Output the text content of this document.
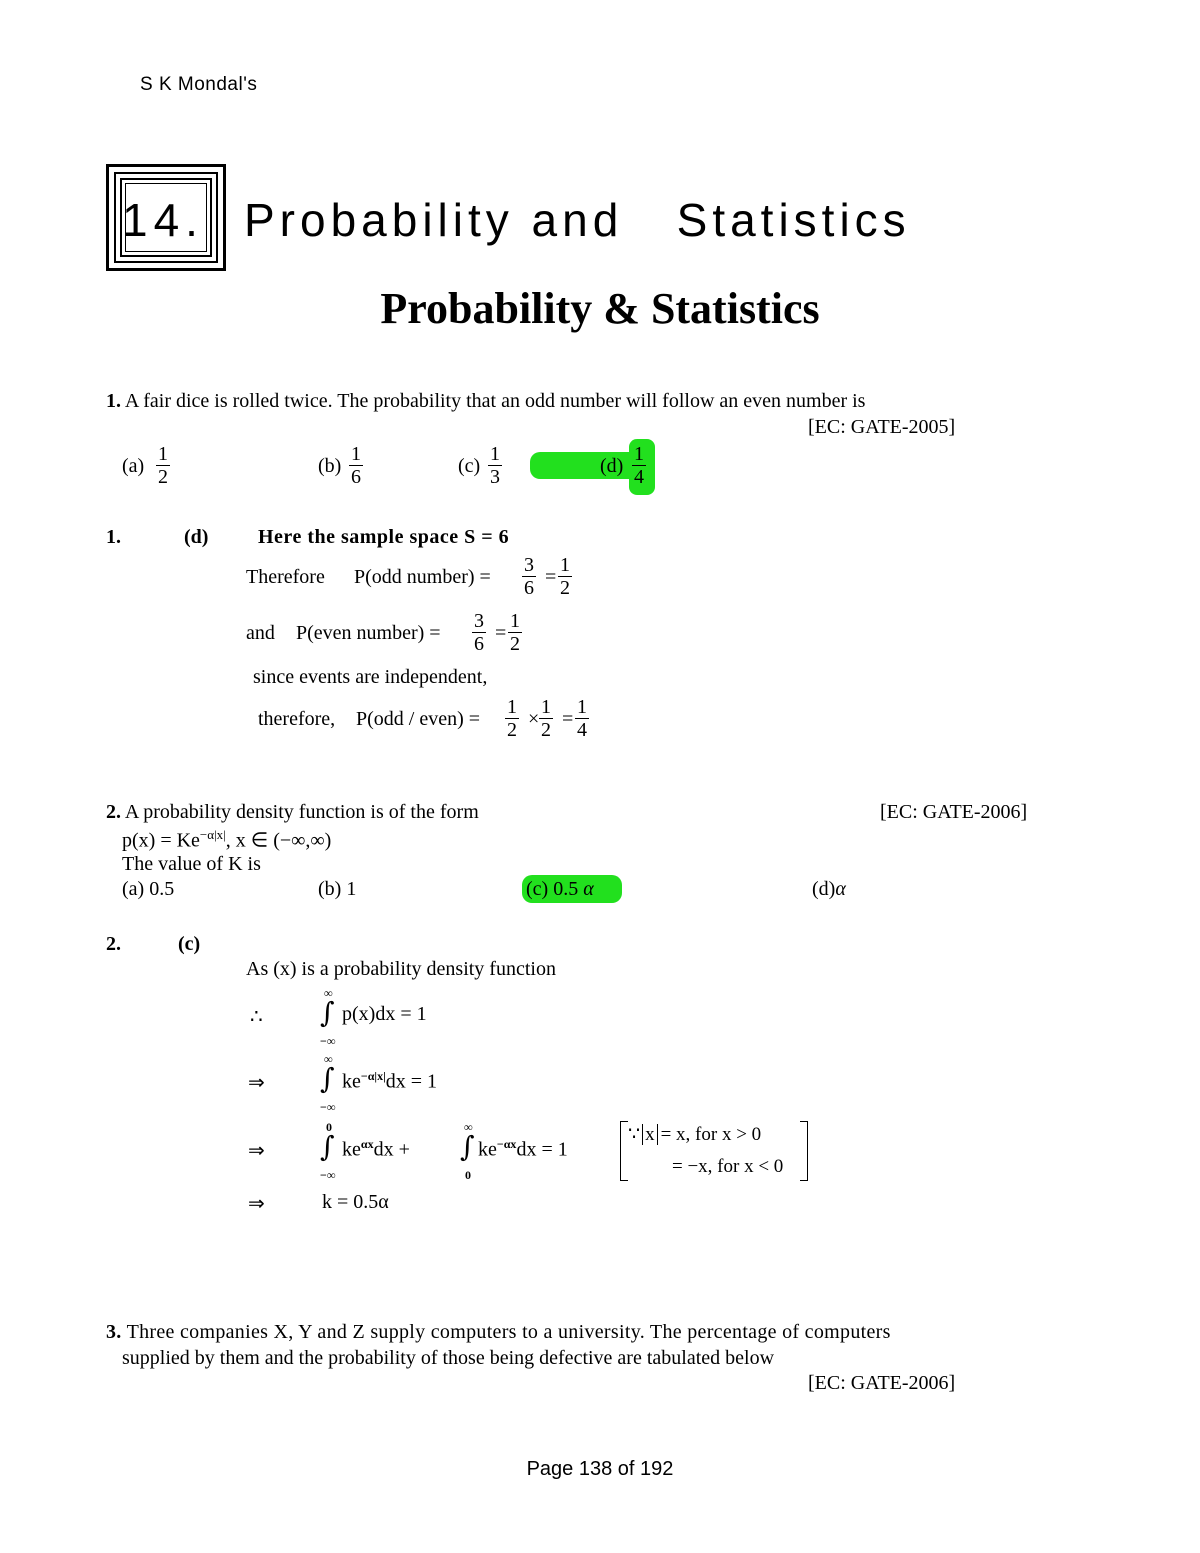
S K Mondal's
14. Probability and   Statistics
Probability & Statistics
1. A fair dice is rolled twice. The probability that an odd number will follow an even number is
[EC: GATE-2005]
$(a) \frac{1}{2}$	$(b) \frac{1}{6}$	$(c) \frac{1}{3}$	$(d) \frac{1}{4}$
1.	(d) Here the sample space S = 6
Therefore P(odd number) = $\frac{3}{6} = \frac{1}{2}$
and P(even number) = $\frac{3}{6} = \frac{1}{2}$
since events are independent,
therefore, P(odd / even) = $\frac{1}{2} \times \frac{1}{2} = \frac{1}{4}$
2. A probability density function is of the form	[EC: GATE-2006]
$p(x) = Ke^{-\alpha|x|}$, x ∈ (−∞,∞)
The value of K is
(a) 0.5	(b) 1	(c) 0.5 α	(d)α
2.	(c)
As (x) is a probability density function
∴
∞
∫
−∞
p(x)dx = 1
⇒
∞
∫
−∞
$ke^{-\alpha|x|}dx = 1$
⇒
0
∫
−∞
$ke^{\alpha x}dx$ +
∞
∫
0
$ke^{-\alpha x}dx = 1$
∵ x = x, for x > 0
= −x, for x < 0
⇒	k = 0.5α
3. Three companies X, Y and Z supply computers to a university. The percentage of computers
supplied by them and the probability of those being defective are tabulated below
[EC: GATE-2006]
Page 138 of 192
